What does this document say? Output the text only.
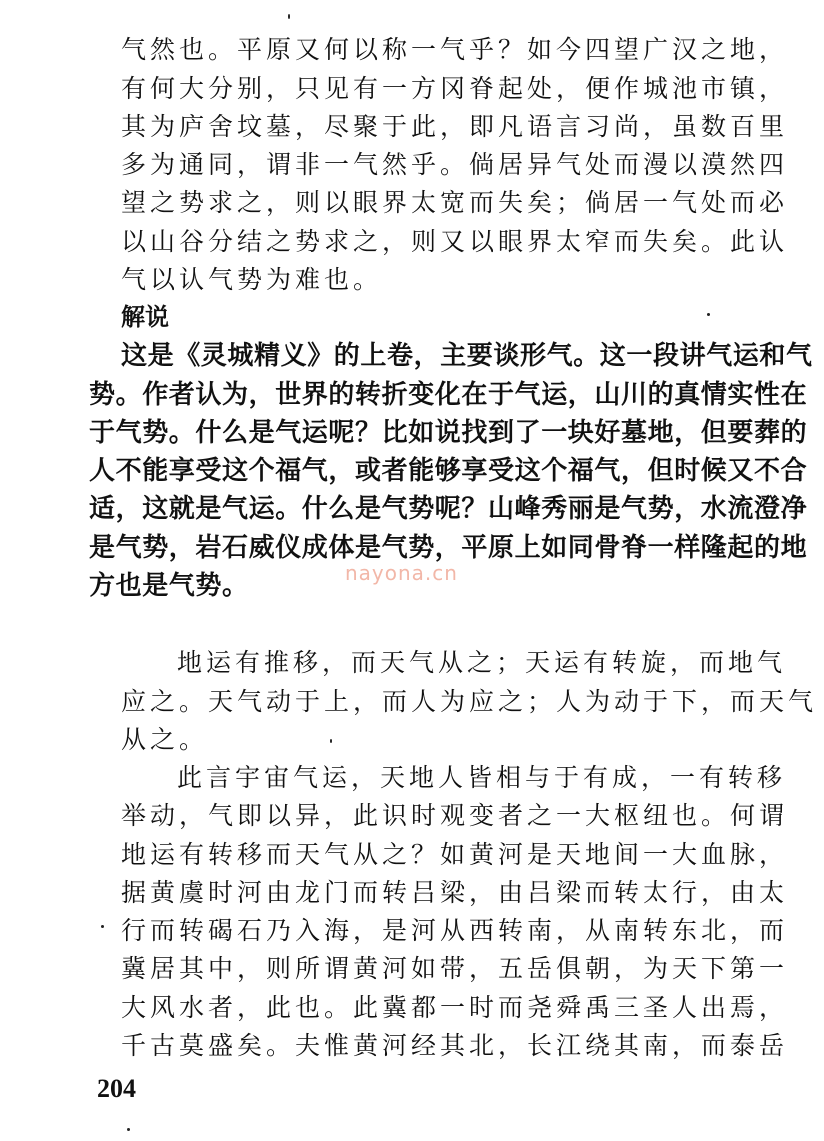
气然也。平原又何以称一气乎？如今四望广汉之地，
有何大分别，只见有一方冈脊起处，便作城池市镇，
其为庐舍坟墓，尽聚于此，即凡语言习尚，虽数百里
多为通同，谓非一气然乎。倘居异气处而漫以漠然四
望之势求之，则以眼界太宽而失矣；倘居一气处而必
以山谷分结之势求之，则又以眼界太窄而失矣。此认
气以认气势为难也。
解说
这是《灵城精义》的上卷，主要谈形气。这一段讲气运和气
势。作者认为，世界的转折变化在于气运，山川的真情实性在
于气势。什么是气运呢？比如说找到了一块好墓地，但要葬的
人不能享受这个福气，或者能够享受这个福气，但时候又不合
适，这就是气运。什么是气势呢？山峰秀丽是气势，水流澄净
是气势，岩石威仪成体是气势，平原上如同骨脊一样隆起的地
方也是气势。	nayona.cn
地运有推移，而天气从之；天运有转旋，而地气
应之。天气动于上，而人为应之；人为动于下，而天气
从之。
此言宇宙气运，天地人皆相与于有成，一有转移
举动，气即以异，此识时观变者之一大枢纽也。何谓
地运有转移而天气从之？如黄河是天地间一大血脉，
据黄虞时河由龙门而转吕梁，由吕梁而转太行，由太
行而转碣石乃入海，是河从西转南，从南转东北，而
冀居其中，则所谓黄河如带，五岳俱朝，为天下第一
大风水者，此也。此冀都一时而尧舜禹三圣人出焉，
千古莫盛矣。夫惟黄河经其北，长江绕其南，而泰岳
204
